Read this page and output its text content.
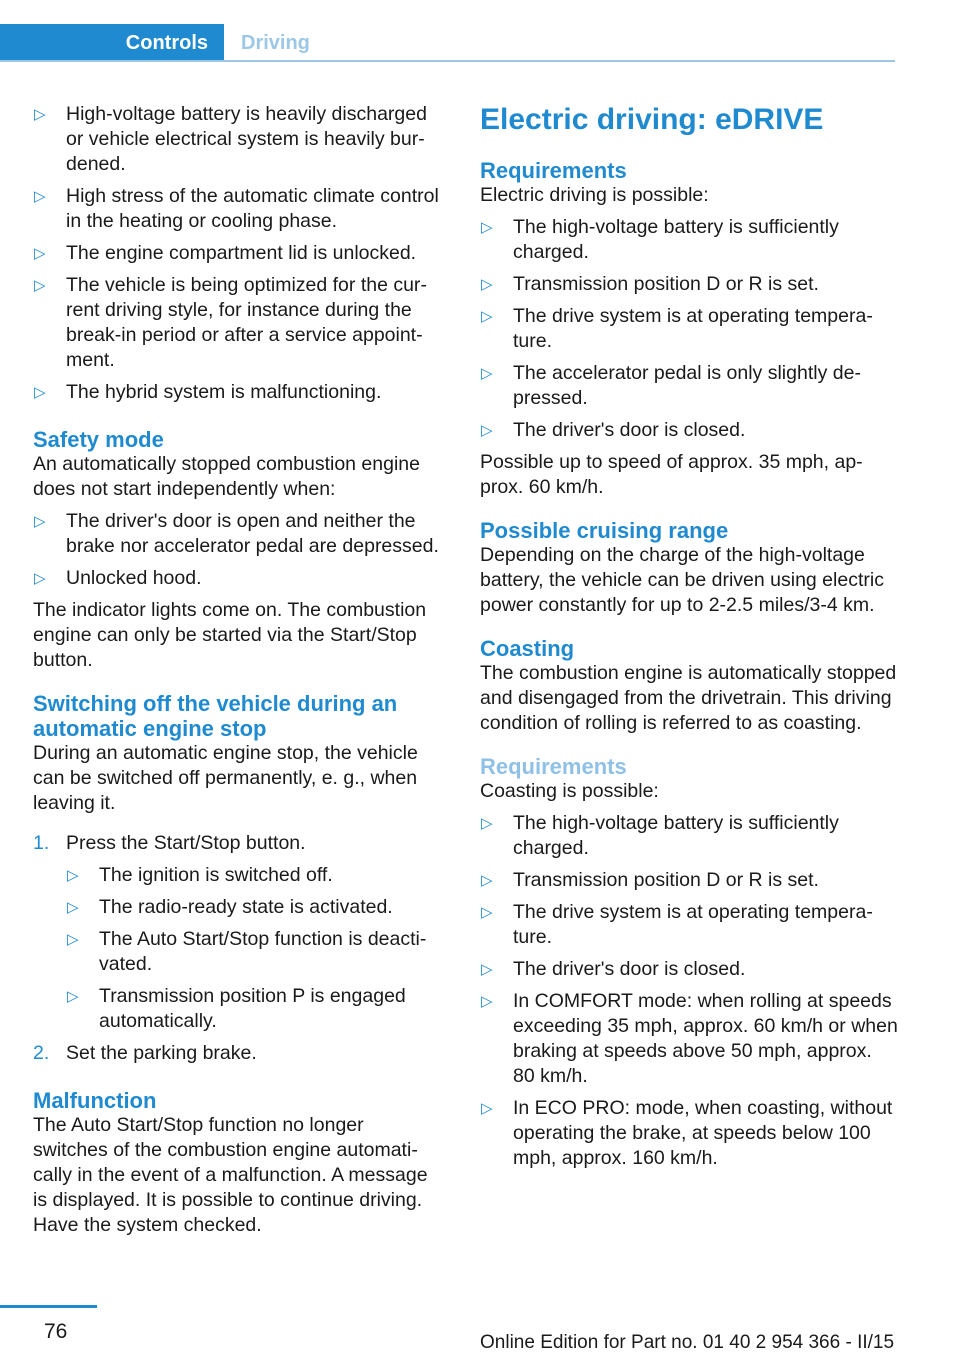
Controls	Driving
▷ High-voltage battery is heavily discharged or vehicle electrical system is heavily burdened.
▷ High stress of the automatic climate control in the heating or cooling phase.
▷ The engine compartment lid is unlocked.
▷ The vehicle is being optimized for the current driving style, for instance during the break-in period or after a service appointment.
▷ The hybrid system is malfunctioning.
Safety mode

An automatically stopped combustion engine does not start independently when:

▷ The driver's door is open and neither the brake nor accelerator pedal are depressed.
▷ Unlocked hood.

The indicator lights come on. The combustion engine can only be started via the Start/Stop button.

Switching off the vehicle during an automatic engine stop

During an automatic engine stop, the vehicle can be switched off permanently, e. g., when leaving it.

1. Press the Start/Stop button.
▷ The ignition is switched off.
▷ The radio-ready state is activated.
▷ The Auto Start/Stop function is deactivated.
▷ Transmission position P is engaged automatically.
2. Set the parking brake.
Malfunction

The Auto Start/Stop function no longer switches of the combustion engine automatically in the event of a malfunction. A message is displayed. It is possible to continue driving. Have the system checked.

Electric driving: eDRIVE
Requirements

Electric driving is possible:

▷ The high-voltage battery is sufficiently charged.
▷ Transmission position D or R is set.
▷ The drive system is at operating temperature.
▷ The accelerator pedal is only slightly depressed.
▷ The driver's door is closed.

Possible up to speed of approx. 35 mph, approx. 60 km/h.

Possible cruising range

Depending on the charge of the high-voltage battery, the vehicle can be driven using electric power constantly for up to 2-2.5 miles/3-4 km.

Coasting

The combustion engine is automatically stopped and disengaged from the drivetrain. This driving condition of rolling is referred to as coasting.

Requirements

Coasting is possible:

▷ The high-voltage battery is sufficiently charged.
▷ Transmission position D or R is set.
▷ The drive system is at operating temperature.
▷ The driver's door is closed.
▷ In COMFORT mode: when rolling at speeds exceeding 35 mph, approx. 60 km/h or when braking at speeds above 50 mph, approx. 80 km/h.
▷ In ECO PRO: mode, when coasting, without operating the brake, at speeds below 100 mph, approx. 160 km/h.
76	Online Edition for Part no. 01 40 2 954 366 - II/15
